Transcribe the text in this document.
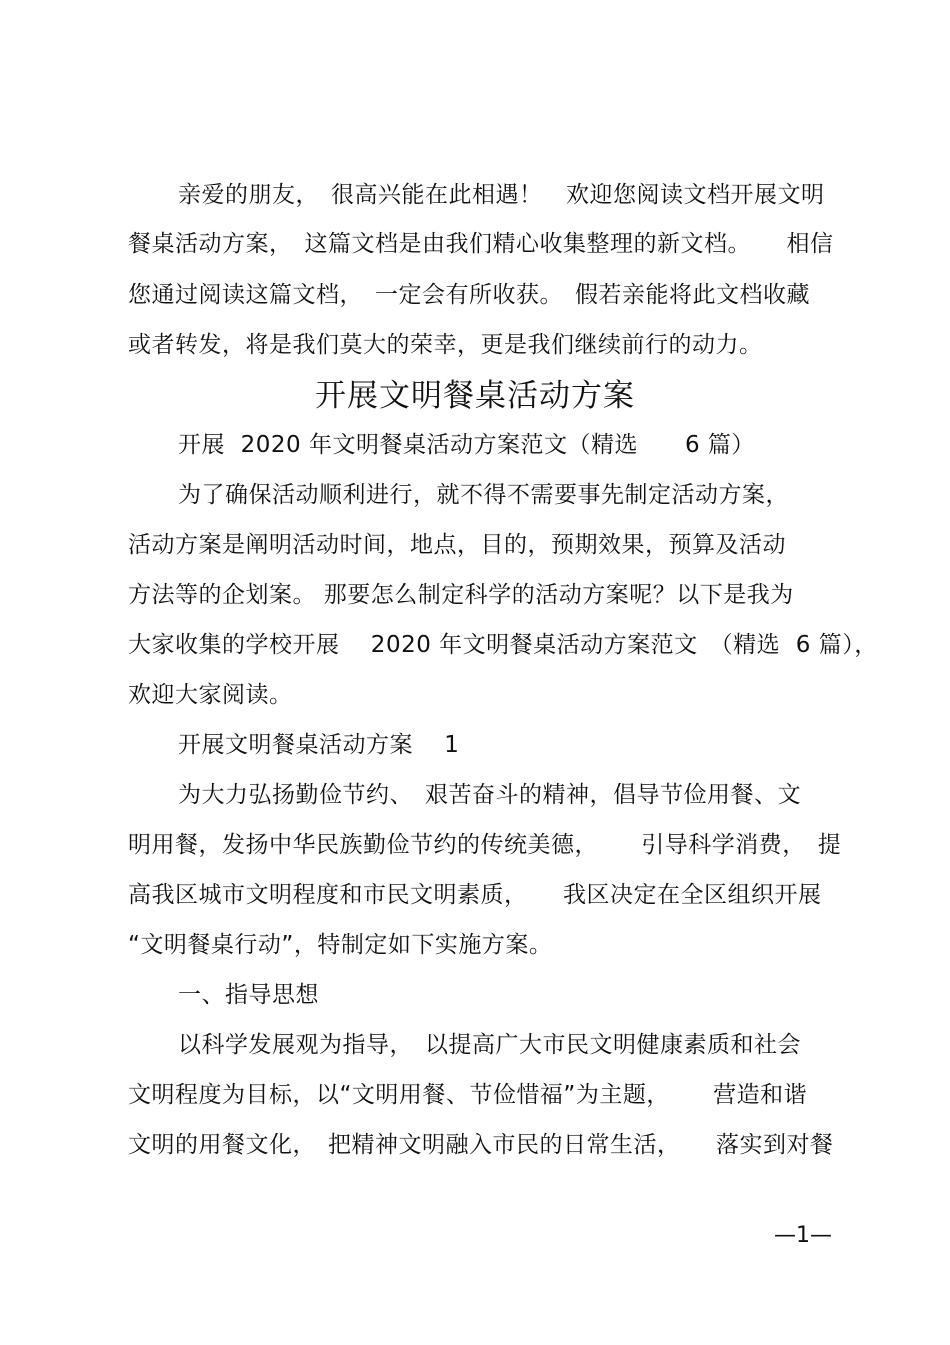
亲爱的朋友，　很高兴能在此相遇！　欢迎您阅读文档开展文明
餐桌活动方案，　这篇文档是由我们精心收集整理的新文档。　　相信
您通过阅读这篇文档，　一定会有所收获。　假若亲能将此文档收藏
或者转发，将是我们莫大的荣幸，更是我们继续前行的动力。
开展文明餐桌活动方案
开展  2020 年文明餐桌活动方案范文（精选　　6 篇）
为了确保活动顺利进行，就不得不需要事先制定活动方案，
活动方案是阐明活动时间，地点，目的，预期效果，预算及活动
方法等的企划案。 那要怎么制定科学的活动方案呢？以下是我为
大家收集的学校开展　 2020 年文明餐桌活动方案范文　（精选  6 篇），
欢迎大家阅读。
开展文明餐桌活动方案　 1
为大力弘扬勤俭节约、　艰苦奋斗的精神，倡导节俭用餐、文
明用餐，发扬中华民族勤俭节约的传统美德，　　 引导科学消费，　提
高我区城市文明程度和市民文明素质，　　我区决定在全区组织开展
“文明餐桌行动”，特制定如下实施方案。
一、指导思想
以科学发展观为指导，　以提高广大市民文明健康素质和社会
文明程度为目标，以“文明用餐、节俭惜福”为主题，　　 营造和谐
文明的用餐文化，　把精神文明融入市民的日常生活，　　落实到对餐
—1—
